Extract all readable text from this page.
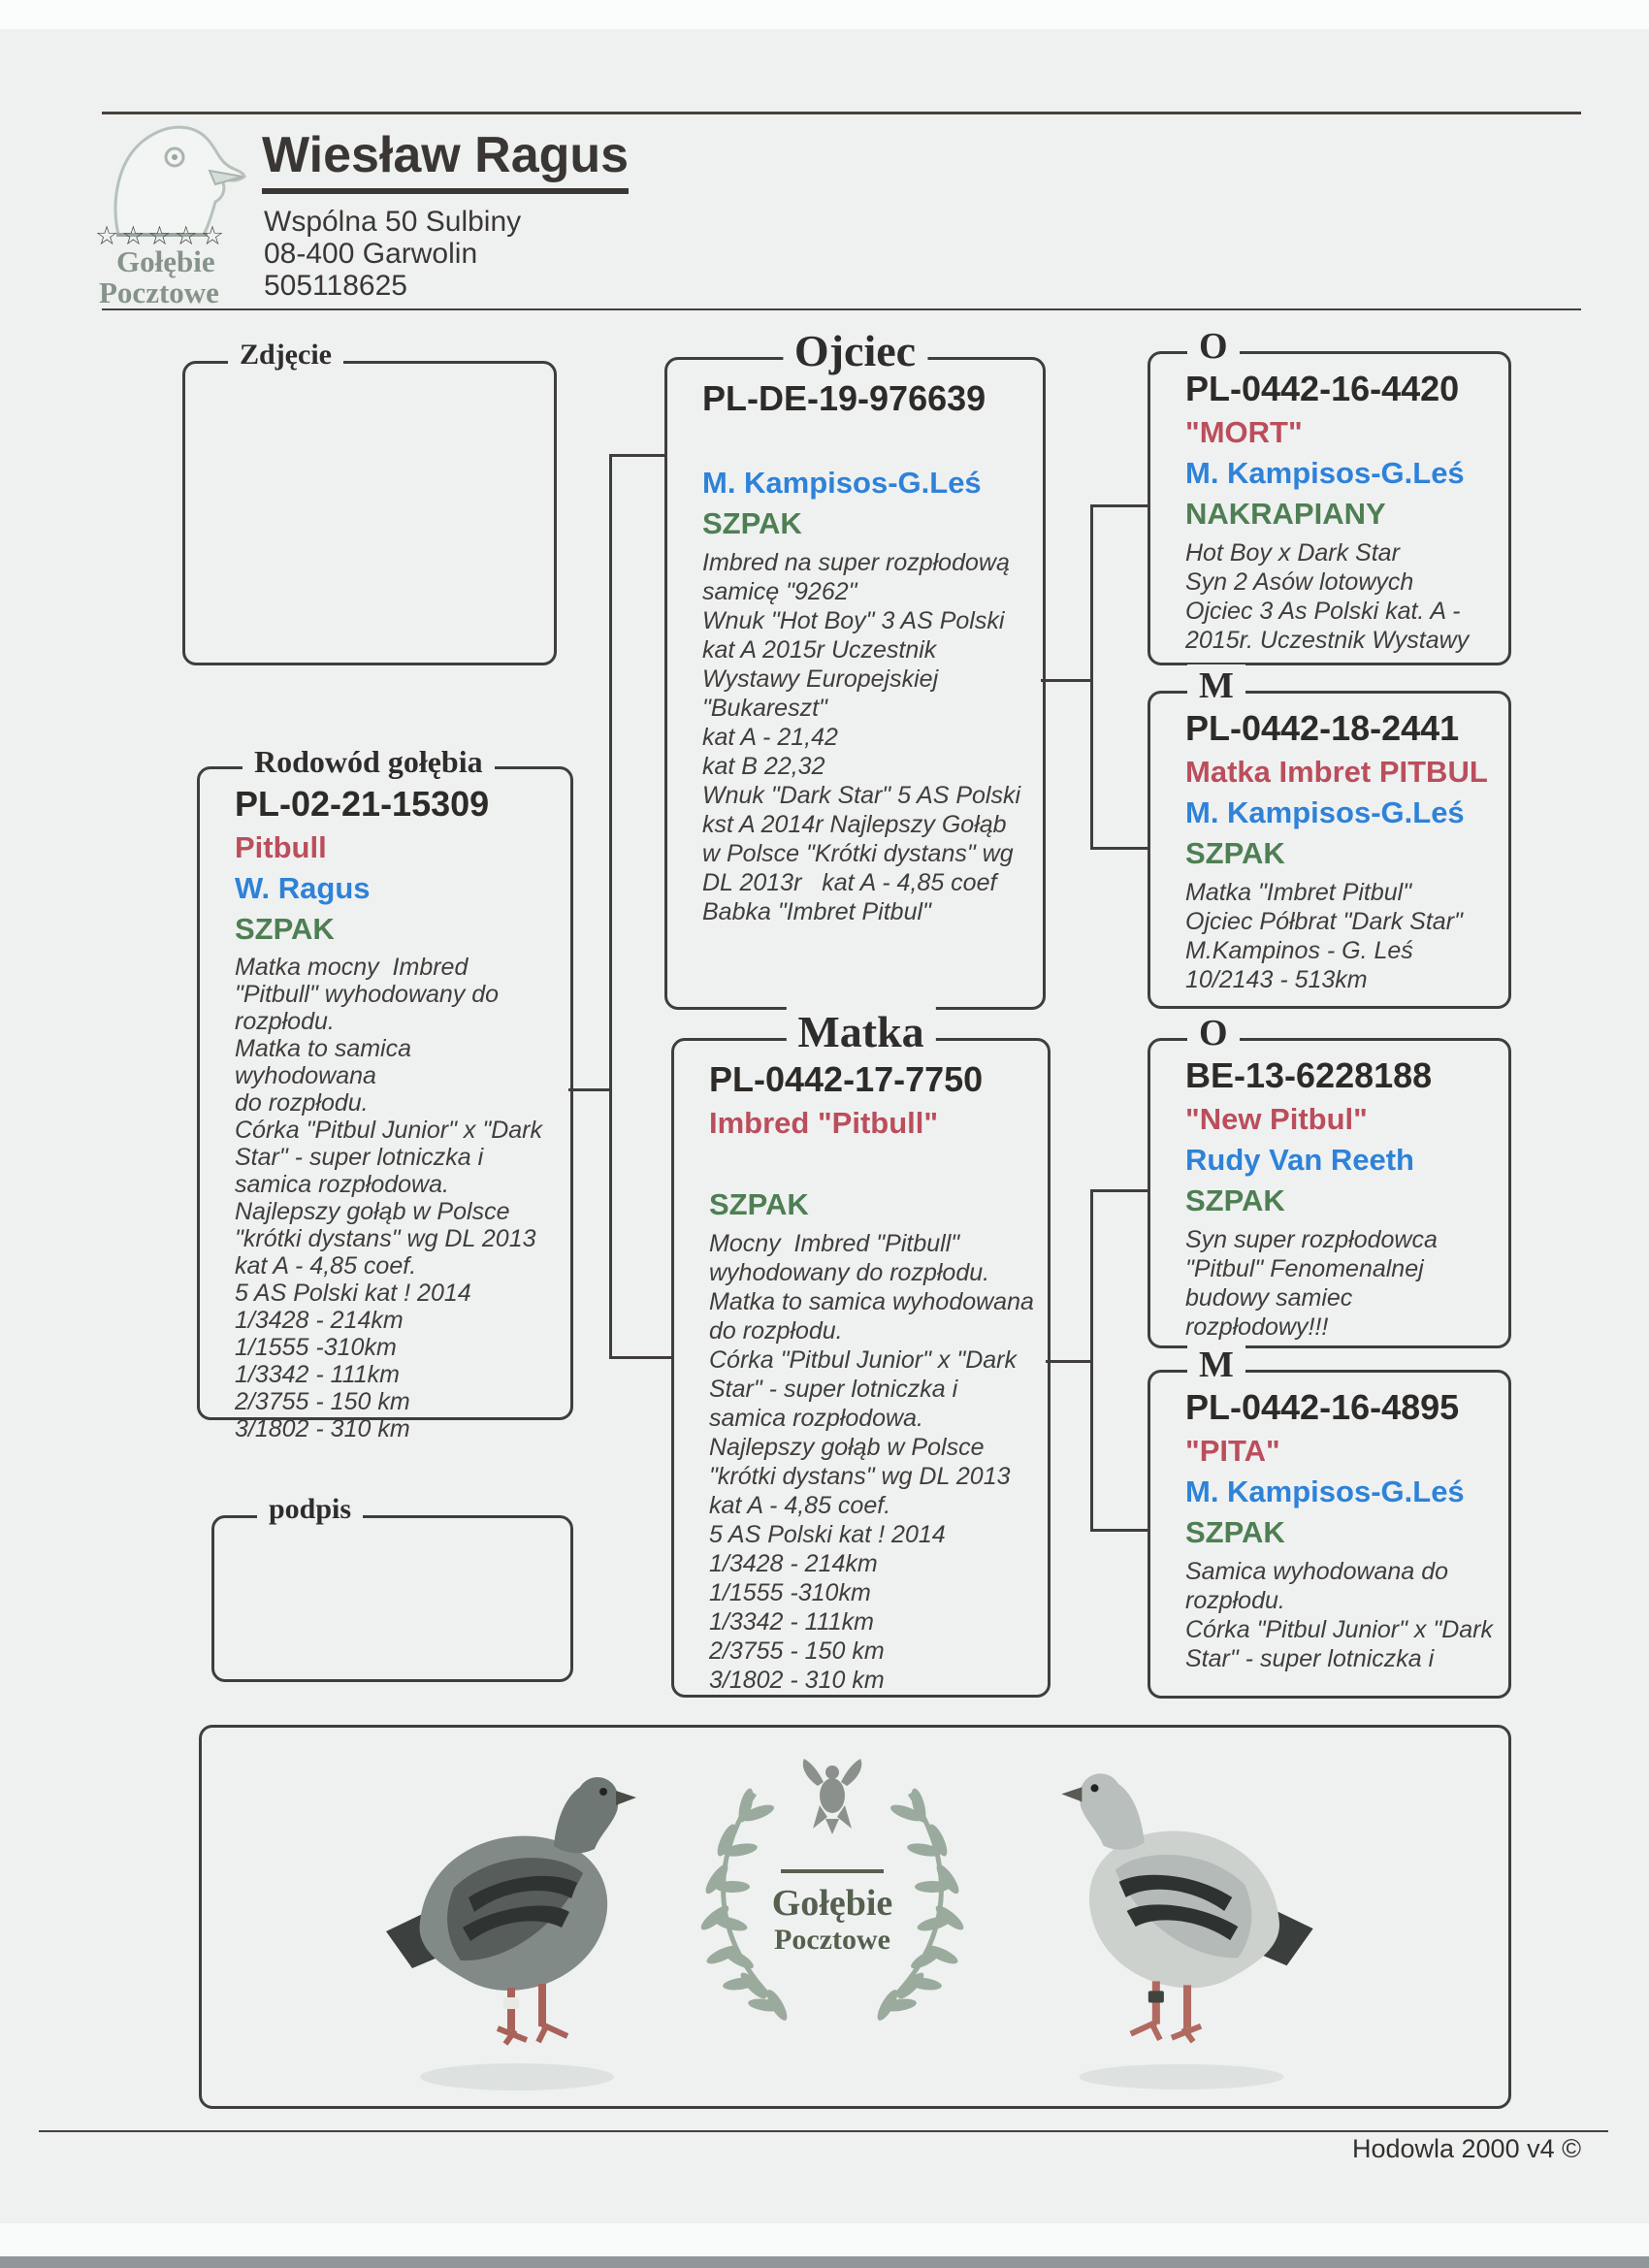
☆☆☆☆☆
Gołębie
Pocztowe
Wiesław Ragus
Wspólna 50 Sulbiny
08-400 Garwolin
505118625
Zdjęcie
Rodowód gołębia
PL-02-21-15309
Pitbull
W. Ragus
SZPAK
Matka mocny  Imbred
"Pitbull" wyhodowany do
rozpłodu.
Matka to samica wyhodowana
do rozpłodu.
Córka "Pitbul Junior" x "Dark
Star" - super lotniczka i
samica rozpłodowa.
Najlepszy gołąb w Polsce
"krótki dystans" wg DL 2013
kat A - 4,85 coef.
5 AS Polski kat ! 2014
1/3428 - 214km
1/1555 -310km
1/3342 - 111km
2/3755 - 150 km
3/1802 - 310 km
podpis
Ojciec
PL-DE-19-976639
M. Kampisos-G.Leś
SZPAK
Imbred na super rozpłodową
samicę "9262"
Wnuk "Hot Boy" 3 AS Polski
kat A 2015r Uczestnik
Wystawy Europejskiej
"Bukareszt"
kat A - 21,42
kat B 22,32
Wnuk "Dark Star" 5 AS Polski
kst A 2014r Najlepszy Gołąb
w Polsce "Krótki dystans" wg
DL 2013r   kat A - 4,85 coef
Babka "Imbret Pitbul"
Matka
PL-0442-17-7750
Imbred "Pitbull"
SZPAK
Mocny  Imbred "Pitbull"
wyhodowany do rozpłodu.
Matka to samica wyhodowana
do rozpłodu.
Córka "Pitbul Junior" x "Dark
Star" - super lotniczka i
samica rozpłodowa.
Najlepszy gołąb w Polsce
"krótki dystans" wg DL 2013
kat A - 4,85 coef.
5 AS Polski kat ! 2014
1/3428 - 214km
1/1555 -310km
1/3342 - 111km
2/3755 - 150 km
3/1802 - 310 km
O
PL-0442-16-4420
"MORT"
M. Kampisos-G.Leś
NAKRAPIANY
Hot Boy x Dark Star
Syn 2 Asów lotowych
Ojciec 3 As Polski kat. A -
2015r. Uczestnik Wystawy
M
PL-0442-18-2441
Matka Imbret PITBUL
M. Kampisos-G.Leś
SZPAK
Matka "Imbret Pitbul"
Ojciec Półbrat "Dark Star"
M.Kampinos - G. Leś
10/2143 - 513km
O
BE-13-6228188
"New Pitbul"
Rudy Van Reeth
SZPAK
Syn super rozpłodowca
"Pitbul" Fenomenalnej
budowy samiec rozpłodowy!!!
M
PL-0442-16-4895
"PITA"
M. Kampisos-G.Leś
SZPAK
Samica wyhodowana do
rozpłodu.
Córka "Pitbul Junior" x "Dark
Star" - super lotniczka i
Gołębie
Pocztowe
Hodowla 2000 v4 ©
